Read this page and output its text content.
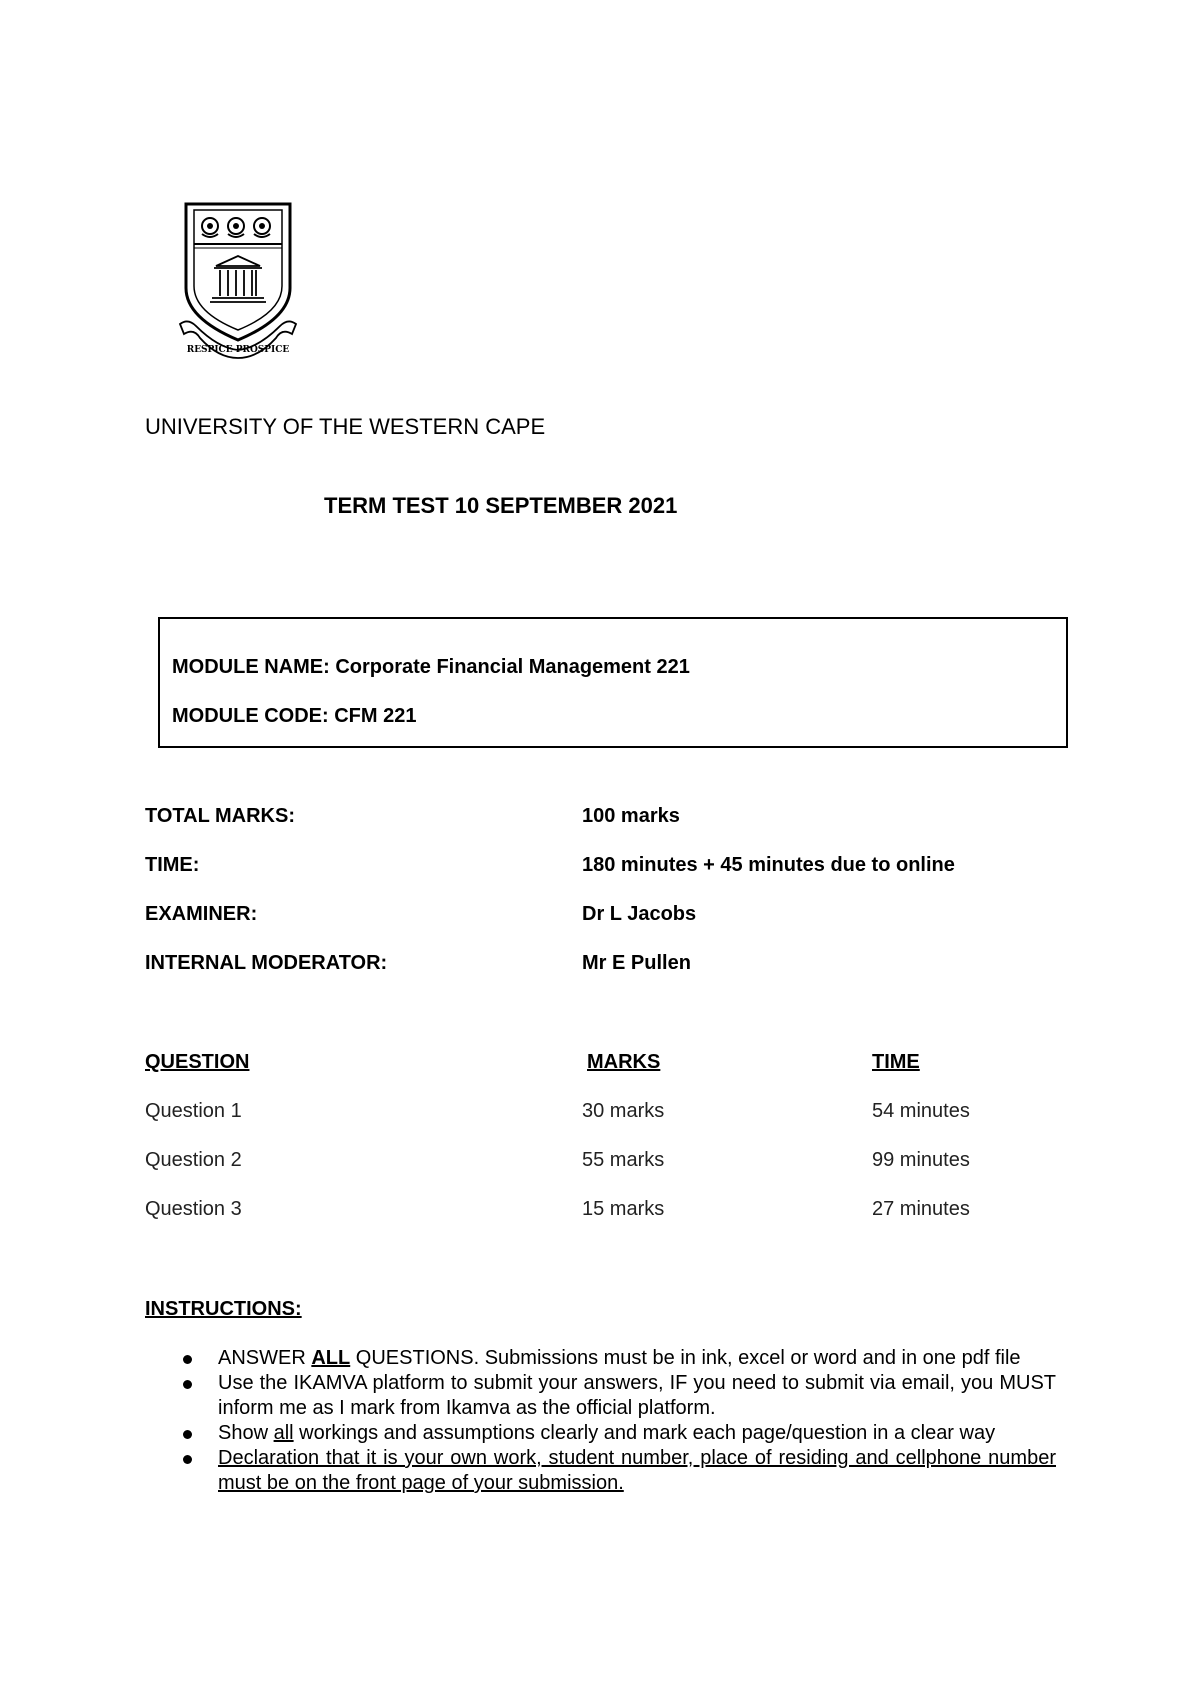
RESPICE PROSPICE
UNIVERSITY OF THE WESTERN CAPE
TERM TEST 10 SEPTEMBER 2021
MODULE NAME: Corporate Financial Management 221
MODULE CODE: CFM 221
TOTAL MARKS:	100 marks
TIME:	180 minutes + 45 minutes due to online
EXAMINER:	Dr L Jacobs
INTERNAL MODERATOR:	Mr E Pullen
QUESTION	MARKS	TIME
Question 1	30 marks	54 minutes
Question 2	55 marks	99 minutes
Question 3	15 marks	27 minutes
INSTRUCTIONS:
ANSWER ALL QUESTIONS. Submissions must be in ink, excel or word and in one pdf file
Use the IKAMVA platform to submit your answers, IF you need to submit via email, you MUST inform me as I mark from Ikamva as the official platform.
Show all workings and assumptions clearly and mark each page/question in a clear way
Declaration that it is your own work, student number, place of residing and cellphone number must be on the front page of your submission.
